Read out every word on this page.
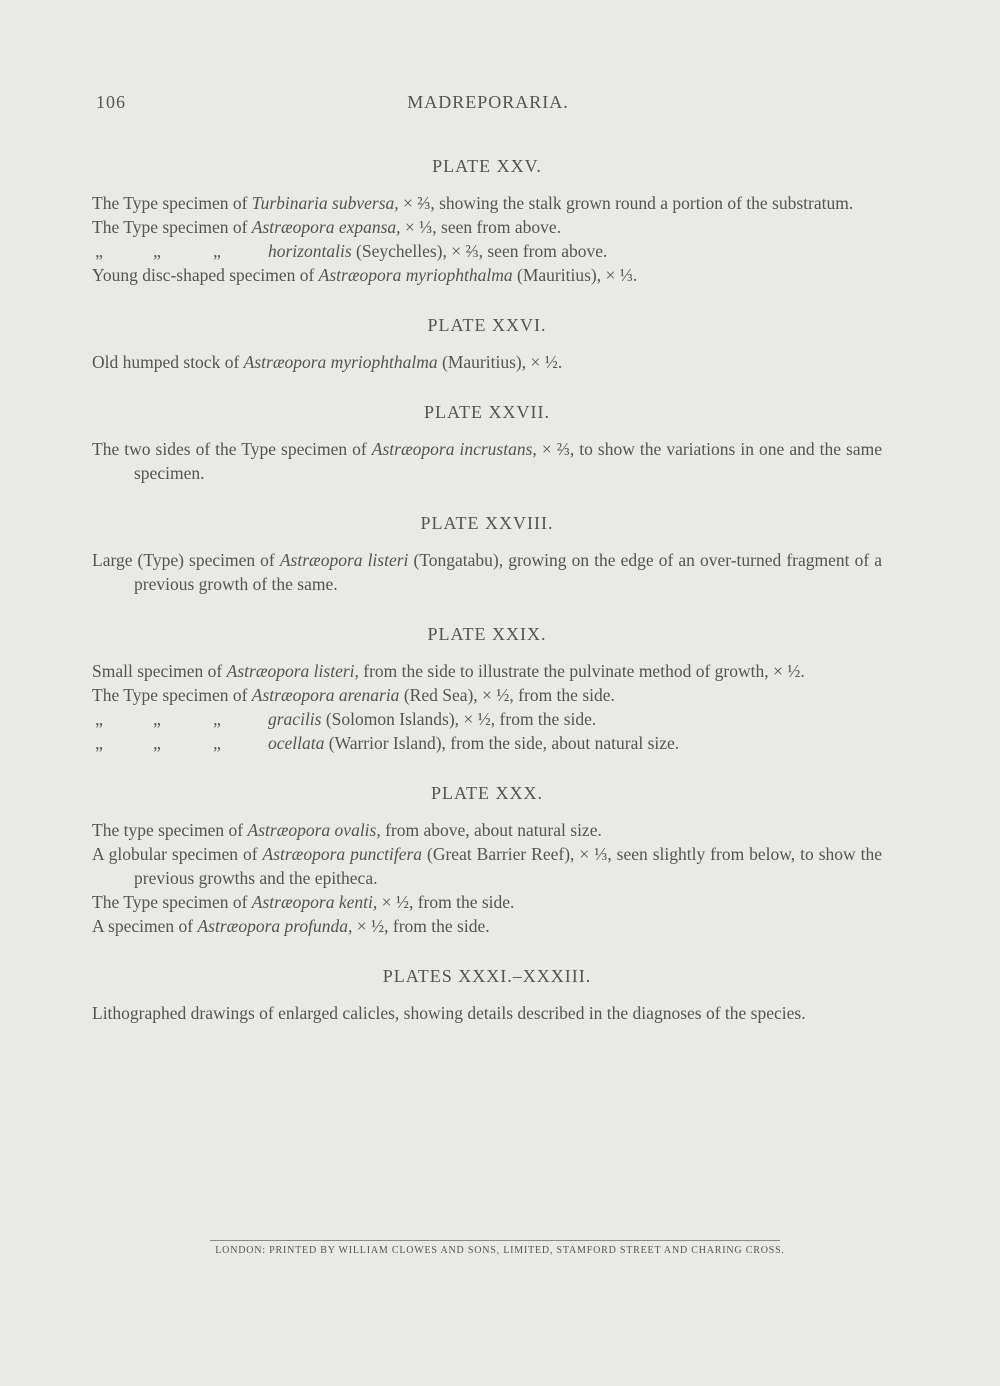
106	MADREPORARIA.
PLATE XXV.

The Type specimen of Turbinaria subversa, × ⅔, showing the stalk grown round a portion of the substratum.

The Type specimen of Astræopora expansa, × ⅓, seen from above.

„	„	„	horizontalis (Seychelles), × ⅔, seen from above.

Young disc-shaped specimen of Astræopora myriophthalma (Mauritius), × ⅓.

PLATE XXVI.

Old humped stock of Astræopora myriophthalma (Mauritius), × ½.

PLATE XXVII.

The two sides of the Type specimen of Astræopora incrustans, × ⅔, to show the variations in one and the same specimen.

PLATE XXVIII.

Large (Type) specimen of Astræopora listeri (Tongatabu), growing on the edge of an over-turned fragment of a previous growth of the same.

PLATE XXIX.

Small specimen of Astræopora listeri, from the side to illustrate the pulvinate method of growth, × ½.

The Type specimen of Astræopora arenaria (Red Sea), × ½, from the side.

„	„	„	gracilis (Solomon Islands), × ½, from the side.

„	„	„	ocellata (Warrior Island), from the side, about natural size.

PLATE XXX.

The type specimen of Astræopora ovalis, from above, about natural size.

A globular specimen of Astræopora punctifera (Great Barrier Reef), × ⅓, seen slightly from below, to show the previous growths and the epitheca.

The Type specimen of Astræopora kenti, × ½, from the side.

A specimen of Astræopora profunda, × ½, from the side.

PLATES XXXI.–XXXIII.

Lithographed drawings of enlarged calicles, showing details described in the diagnoses of the species.

LONDON: PRINTED BY WILLIAM CLOWES AND SONS, LIMITED, STAMFORD STREET AND CHARING CROSS.
